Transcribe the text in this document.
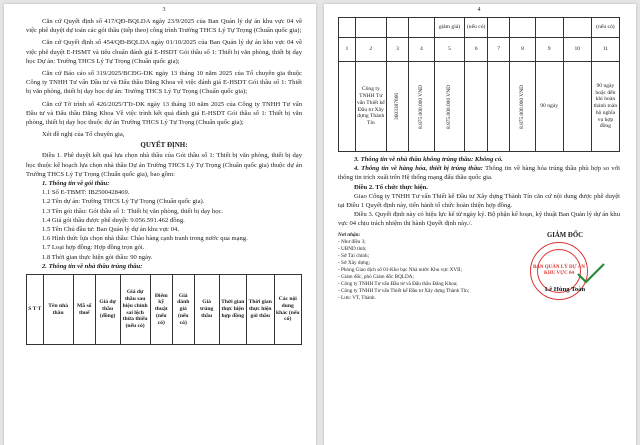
3

Căn cứ Quyết định số 417/QĐ-BQLDA ngày 23/9/2025 của Ban Quản lý dự án khu vực 04 về việc phê duyệt dự toán các gói thầu (tiếp theo) công trình Trường THCS Lý Tự Trọng (Chuẩn quốc gia);

Căn cứ Quyết định số 454/QĐ-BQLDA ngày 01/10/2025 của Ban Quản lý dự án khu vực 04 về việc phê duyệt E-HSMT và tiêu chuẩn đánh giá E-HSDT Gói thầu số 1: Thiết bị văn phòng, thiết bị dạy học Dự án: Trường THCS Lý Tự Trọng (Chuẩn quốc gia);

Căn cứ Báo cáo số 319/2025/BCĐG-DK ngày 13 tháng 10 năm 2025 của Tổ chuyên gia thuộc Công ty TNHH Tư vấn Đầu tư và Đấu thầu Đăng Khoa về việc đánh giá E-HSDT Gói thầu số 1: Thiết bị văn phòng, thiết bị dạy học dự án: Trường THCS Lý Tự Trọng (Chuẩn quốc gia);

Căn cứ Tờ trình số 426/2025/TTr-DK ngày 13 tháng 10 năm 2025 của Công ty TNHH Tư vấn Đầu tư và Đấu thầu Đăng Khoa Về việc trình kết quả đánh giá E-HSDT Gói thầu số 1: Thiết bị văn phòng, thiết bị dạy học thuộc dự án Trường THCS Lý Tự Trọng (Chuẩn quốc gia);

Xét đề nghị của Tổ chuyên gia,

QUYẾT ĐỊNH:

Điều 1. Phê duyệt kết quả lựa chọn nhà thầu của Gói thầu số 1: Thiết bị văn phòng, thiết bị dạy học thuộc kế hoạch lựa chọn nhà thầu Dự án Trường THCS Lý Tự Trọng (Chuẩn quốc gia) thuộc dự án Trường THCS Lý Tự Trọng (Chuẩn quốc gia), bao gồm:

1. Thông tin về gói thầu:

1.1 Số E-TBMT: IB2500428469.
1.2 Tên dự án: Trường THCS Lý Tự Trọng (Chuẩn quốc gia).
1.3 Tên gói thầu: Gói thầu số 1: Thiết bị văn phòng, thiết bị dạy học.
1.4 Giá gói thầu được phê duyệt: 9.056.591.462 đồng.
1.5 Tên Chủ đầu tư: Ban Quản lý dự án khu vực 04.
1.6 Hình thức lựa chọn nhà thầu: Chào hàng cạnh tranh trong nước qua mạng.
1.7 Loại hợp đồng: Hợp đồng trọn gói.
1.8 Thời gian thực hiện gói thầu: 90 ngày.

2. Thông tin về nhà thầu trúng thầu:

S T T	Tên nhà thầu	Mã số thuế	Giá dự thầu (đồng)	Giá dự thầu sau hiệu chỉnh sai lệch thừa thiếu (nếu có)	Điểm kỹ thuật (nếu có)	Giá đánh giá (nếu có)	Giá trúng thầu	Thời gian thực hiện hợp đồng	Thời gian thực hiện gói thầu	Các nội dung khác (nếu có)
4
				giảm giá)	(nếu có)					(nếu có)
1	2	3	4	5	6	7	8	9	10	11
	Công ty TNHH Tư vấn Thiết kế Đầu tư Xây dựng Thành Tín	3603387666	8.875.000.000 VND	8.875.000.000 VND			8.875.000.000 VND	90 ngày		90 ngày hoặc đến khi hoàn thành toàn bộ nghĩa vụ hợp đồng

3. Thông tin về nhà thầu không trúng thầu: Không có.

4. Thông tin về hàng hóa, thiết bị trúng thầu: Thông tin về hàng hóa trúng thầu phù hợp so với thông tin trích xuất trên Hệ thống mạng đấu thầu quốc gia.

Điều 2. Tổ chức thực hiện.

Giao Công ty TNHH Tư vấn Thiết kế Đầu tư Xây dựng Thành Tín căn cứ nội dung được phê duyệt tại Điều 1 Quyết định này, tiến hành tổ chức hoàn thiện hợp đồng.

Điều 3. Quyết định này có hiệu lực kể từ ngày ký. Bộ phận kế hoạn, kỹ thuật Ban Quản lý dự án khu vực 04 chịu trách nhiệm thi hành Quyết định này./.

Nơi nhận:
- Như điều 3;
- UBND tỉnh;
- Sở Tài chính;
- Sở Xây dựng;
- Phòng Giao dịch số 01-Kho bạc Nhà nước Khu vực XVII;
- Giám đốc, phó Giám đốc BQLDA;
- Công ty TNHH Tư vấn Đầu tư và Đấu thầu Đăng Khoa;
- Công ty TNHH Tư vấn Thiết kế Đầu tư Xây dựng Thành Tín;
- Lưu: VT, Thành.
GIÁM ĐỐC
BAN QUẢN LÝ DỰ ÁN KHU VỰC 04
Lê Hùng Toàn
